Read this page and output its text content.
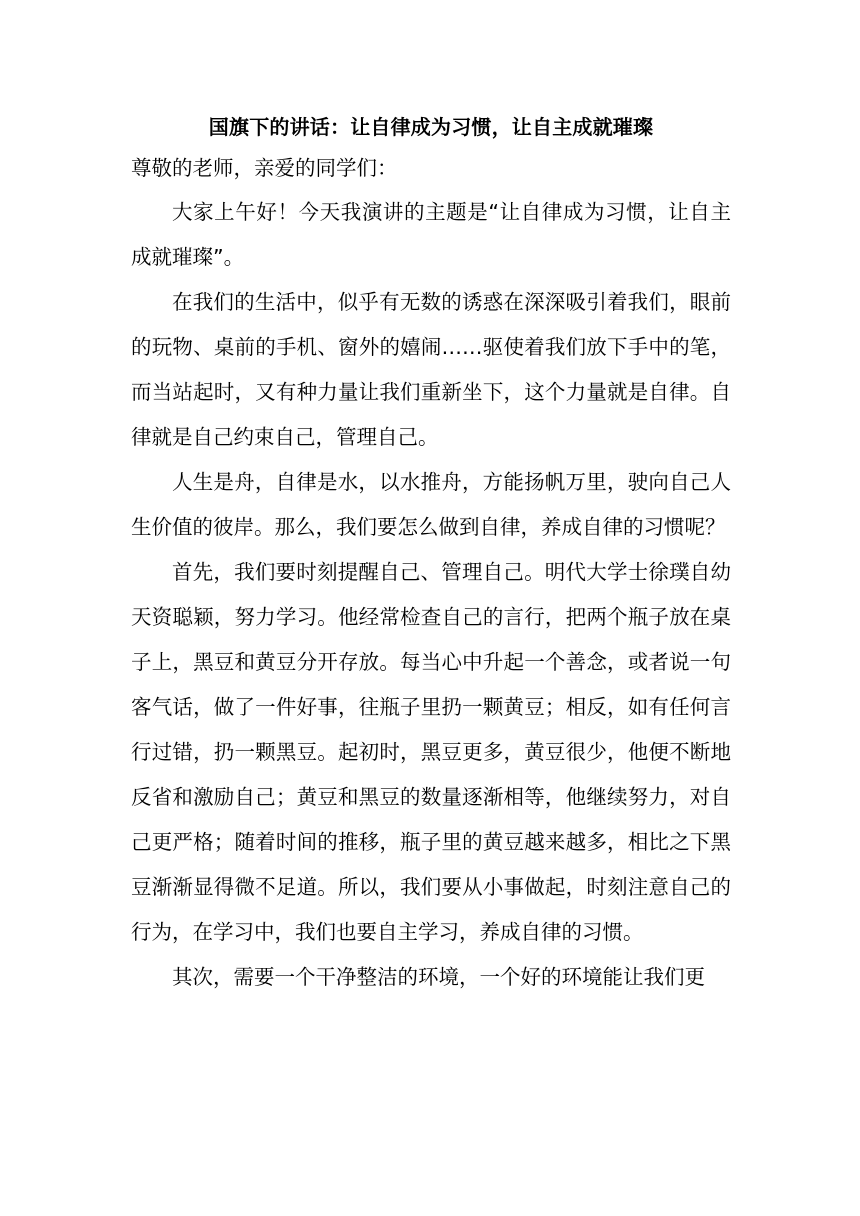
国旗下的讲话：让自律成为习惯，让自主成就璀璨

尊敬的老师，亲爱的同学们：

大家上午好！今天我演讲的主题是“让自律成为习惯，让自主成就璀璨”。

在我们的生活中，似乎有无数的诱惑在深深吸引着我们，眼前的玩物、桌前的手机、窗外的嬉闹……驱使着我们放下手中的笔，而当站起时，又有种力量让我们重新坐下，这个力量就是自律。自律就是自己约束自己，管理自己。

人生是舟，自律是水，以水推舟，方能扬帆万里，驶向自己人生价值的彼岸。那么，我们要怎么做到自律，养成自律的习惯呢？

首先，我们要时刻提醒自己、管理自己。明代大学士徐璞自幼天资聪颖，努力学习。他经常检查自己的言行，把两个瓶子放在桌子上，黑豆和黄豆分开存放。每当心中升起一个善念，或者说一句客气话，做了一件好事，往瓶子里扔一颗黄豆；相反，如有任何言行过错，扔一颗黑豆。起初时，黑豆更多，黄豆很少，他便不断地反省和激励自己；黄豆和黑豆的数量逐渐相等，他继续努力，对自己更严格；随着时间的推移，瓶子里的黄豆越来越多，相比之下黑豆渐渐显得微不足道。所以，我们要从小事做起，时刻注意自己的行为，在学习中，我们也要自主学习，养成自律的习惯。

其次，需要一个干净整洁的环境，一个好的环境能让我们更
